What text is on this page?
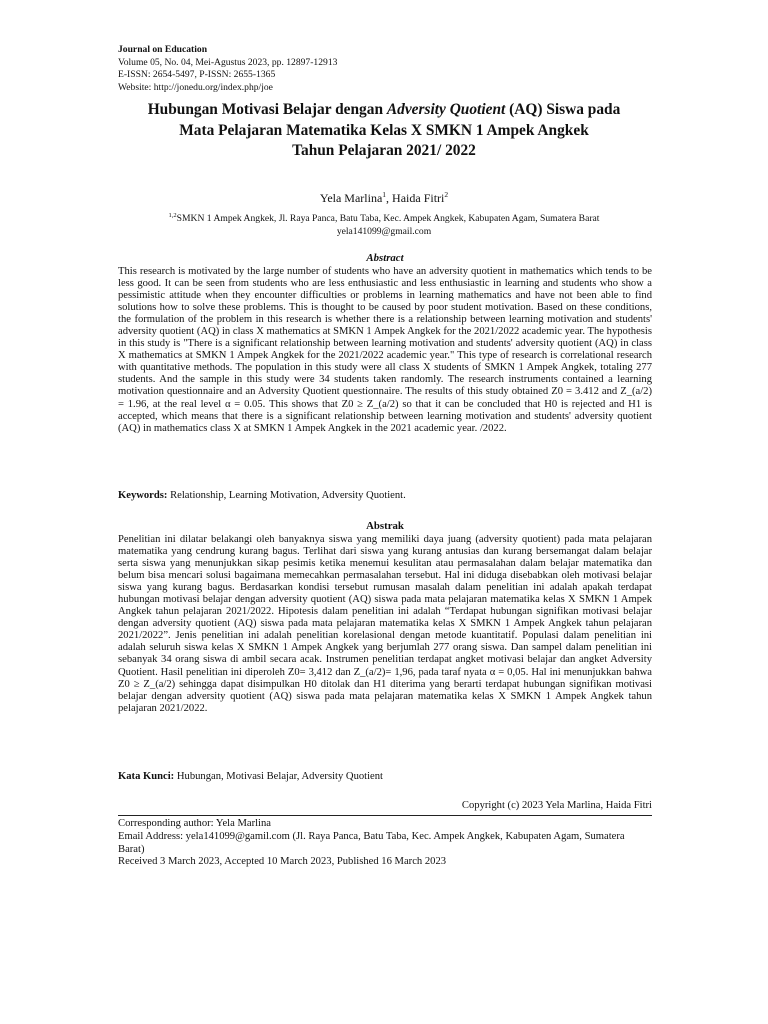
Journal on Education
Volume 05, No. 04, Mei-Agustus 2023, pp. 12897-12913
E-ISSN: 2654-5497, P-ISSN: 2655-1365
Website: http://jonedu.org/index.php/joe
Hubungan Motivasi Belajar dengan Adversity Quotient (AQ) Siswa pada
Mata Pelajaran Matematika Kelas X SMKN 1 Ampek Angkek
Tahun Pelajaran 2021/ 2022
Yela Marlina$^1$, Haida Fitri$^2$
$^{1,2}$SMKN 1 Ampek Angkek, Jl. Raya Panca, Batu Taba, Kec. Ampek Angkek, Kabupaten Agam, Sumatera Barat
yela141099@gmail.com
Abstract
This research is motivated by the large number of students who have an adversity quotient in mathematics which tends to be less good. It can be seen from students who are less enthusiastic and less enthusiastic in learning and students who show a pessimistic attitude when they encounter difficulties or problems in learning mathematics and have not been able to find solutions how to solve these problems. This is thought to be caused by poor student motivation. Based on these conditions, the formulation of the problem in this research is whether there is a relationship between learning motivation and students' adversity quotient (AQ) in class X mathematics at SMKN 1 Ampek Angkek for the 2021/2022 academic year. The hypothesis in this study is "There is a significant relationship between learning motivation and students' adversity quotient (AQ) in class X mathematics at SMKN 1 Ampek Angkek for the 2021/2022 academic year." This type of research is correlational research with quantitative methods. The population in this study were all class X students of SMKN 1 Ampek Angkek, totaling 277 students. And the sample in this study were 34 students taken randomly. The research instruments contained a learning motivation questionnaire and an Adversity Quotient questionnaire. The results of this study obtained Z0 = 3.412 and Z_(a/2) = 1.96, at the real level α = 0.05. This shows that Z0 ≥ Z_(a/2) so that it can be concluded that H0 is rejected and H1 is accepted, which means that there is a significant relationship between learning motivation and students' adversity quotient (AQ) in mathematics class X at SMKN 1 Ampek Angkek in the 2021 academic year. /2022.
Keywords: Relationship, Learning Motivation, Adversity Quotient.
Abstrak
Penelitian ini dilatar belakangi oleh banyaknya siswa yang memiliki daya juang (adversity quotient) pada mata pelajaran matematika yang cendrung kurang bagus. Terlihat dari siswa yang kurang antusias dan kurang bersemangat dalam belajar serta siswa yang menunjukkan sikap pesimis ketika menemui kesulitan atau permasalahan dalam belajar matematika dan belum bisa mencari solusi bagaimana memecahkan permasalahan tersebut. Hal ini diduga disebabkan oleh motivasi belajar siswa yang kurang bagus. Berdasarkan kondisi tersebut rumusan masalah dalam penelitian ini adalah apakah terdapat hubungan motivasi belajar dengan adversity quotient (AQ) siswa pada mata pelajaran matematika kelas X SMKN 1 Ampek Angkek tahun pelajaran 2021/2022. Hipotesis dalam penelitian ini adalah “Terdapat hubungan signifikan motivasi belajar dengan adversity quotient (AQ) siswa pada mata pelajaran matematika kelas X SMKN 1 Ampek Angkek tahun pelajaran 2021/2022”. Jenis penelitian ini adalah penelitian korelasional dengan metode kuantitatif. Populasi dalam penelitian ini adalah seluruh siswa kelas X SMKN 1 Ampek Angkek yang berjumlah 277 orang siswa. Dan sampel dalam penelitian ini sebanyak 34 orang siswa di ambil secara acak. Instrumen penelitian terdapat angket motivasi belajar dan angket Adversity Quotient. Hasil penelitian ini diperoleh Z0= 3,412 dan Z_(a/2)= 1,96, pada taraf nyata α = 0,05. Hal ini menunjukkan bahwa Z0 ≥ Z_(a/2) sehingga dapat disimpulkan H0 ditolak dan H1 diterima yang berarti terdapat hubungan signifikan motivasi belajar dengan adversity quotient (AQ) siswa pada mata pelajaran matematika kelas X SMKN 1 Ampek Angkek tahun pelajaran 2021/2022.
Kata Kunci: Hubungan, Motivasi Belajar, Adversity Quotient
Copyright (c) 2023 Yela Marlina, Haida Fitri
Corresponding author: Yela Marlina
Email Address: yela141099@gamil.com (Jl. Raya Panca, Batu Taba, Kec. Ampek Angkek, Kabupaten Agam, Sumatera Barat)
Received 3 March 2023, Accepted 10 March 2023, Published 16 March 2023
